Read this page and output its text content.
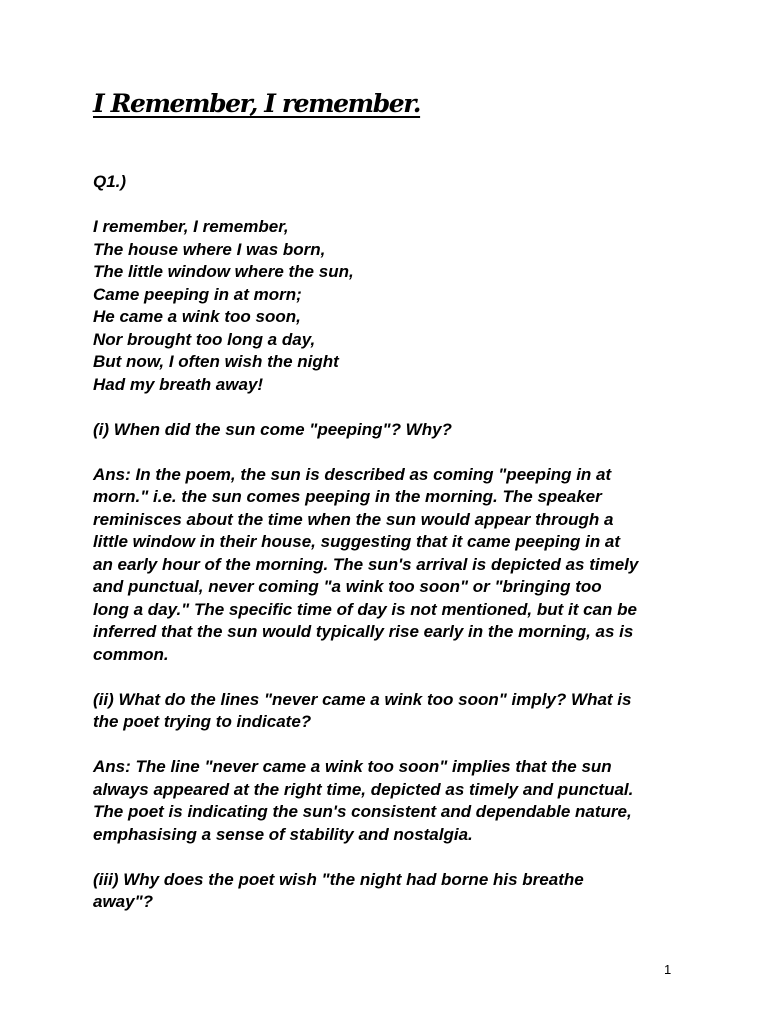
I Remember, I remember.
Q1.)
I remember, I remember,
The house where I was born,
The little window where the sun,
Came peeping in at morn;
He came a wink too soon,
Nor brought too long a day,
But now, I often wish the night
Had my breath away!
(i) When did the sun come "peeping"? Why?
Ans: In the poem, the sun is described as coming "peeping in at
morn." i.e. the sun comes peeping in the morning. The speaker
reminisces about the time when the sun would appear through a
little window in their house, suggesting that it came peeping in at
an early hour of the morning. The sun's arrival is depicted as timely
and punctual, never coming "a wink too soon" or "bringing too
long a day." The specific time of day is not mentioned, but it can be
inferred that the sun would typically rise early in the morning, as is
common.
(ii) What do the lines "never came a wink too soon" imply? What is
the poet trying to indicate?
Ans: The line "never came a wink too soon" implies that the sun
always appeared at the right time, depicted as timely and punctual.
The poet is indicating the sun's consistent and dependable nature,
emphasising a sense of stability and nostalgia.
(iii) Why does the poet wish "the night had borne his breathe
away"?
1
